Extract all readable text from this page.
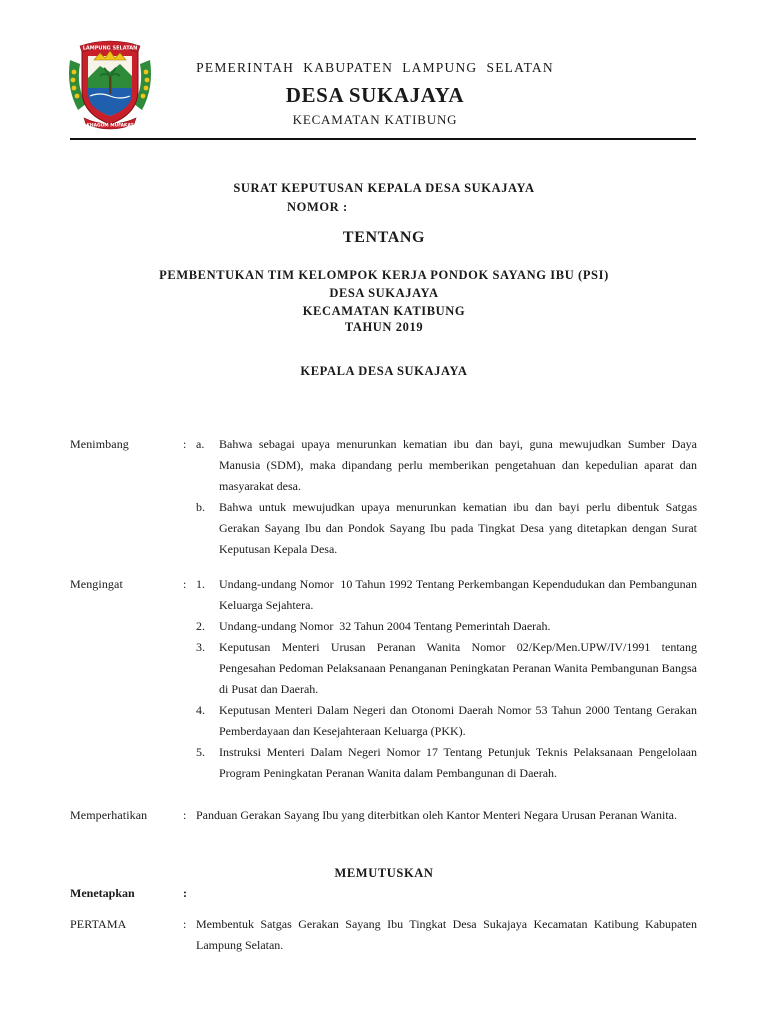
LAMPUNG SELATAN
KHAGOM MUFAKAT
PEMERINTAH  KABUPATEN  LAMPUNG  SELATAN
DESA SUKAJAYA
KECAMATAN KATIBUNG
SURAT KEPUTUSAN KEPALA DESA SUKAJAYA
NOMOR :
TENTANG
PEMBENTUKAN TIM KELOMPOK KERJA PONDOK SAYANG IBU (PSI)
DESA SUKAJAYA
KECAMATAN KATIBUNG
TAHUN 2019
KEPALA DESA SUKAJAYA
Menimbang	: a. Bahwa sebagai upaya menurunkan kematian ibu dan bayi, guna mewujudkan Sumber Daya Manusia (SDM), maka dipandang perlu memberikan pengetahuan dan kepedulian aparat dan masyarakat desa.
b. Bahwa untuk mewujudkan upaya menurunkan kematian ibu dan bayi perlu dibentuk Satgas Gerakan Sayang Ibu dan Pondok Sayang Ibu pada Tingkat Desa yang ditetapkan dengan Surat Keputusan Kepala Desa.
Mengingat	: 1. Undang-undang Nomor  10 Tahun 1992 Tentang Perkembangan Kependudukan dan Pembangunan Keluarga Sejahtera.
2. Undang-undang Nomor  32 Tahun 2004 Tentang Pemerintah Daerah.
3. Keputusan Menteri Urusan Peranan Wanita Nomor 02/Kep/Men.UPW/IV/1991 tentang Pengesahan Pedoman Pelaksanaan Penanganan Peningkatan Peranan Wanita Pembangunan Bangsa di Pusat dan Daerah.
4. Keputusan Menteri Dalam Negeri dan Otonomi Daerah Nomor 53 Tahun 2000 Tentang Gerakan Pemberdayaan dan Kesejahteraan Keluarga (PKK).
5. Instruksi Menteri Dalam Negeri Nomor 17 Tentang Petunjuk Teknis Pelaksanaan Pengelolaan Program Peningkatan Peranan Wanita dalam Pembangunan di Daerah.
Memperhatikan	: Panduan Gerakan Sayang Ibu yang diterbitkan oleh Kantor Menteri Negara Urusan Peranan Wanita.
MEMUTUSKAN
Menetapkan	:
PERTAMA	: Membentuk Satgas Gerakan Sayang Ibu Tingkat Desa Sukajaya Kecamatan Katibung Kabupaten Lampung Selatan.
